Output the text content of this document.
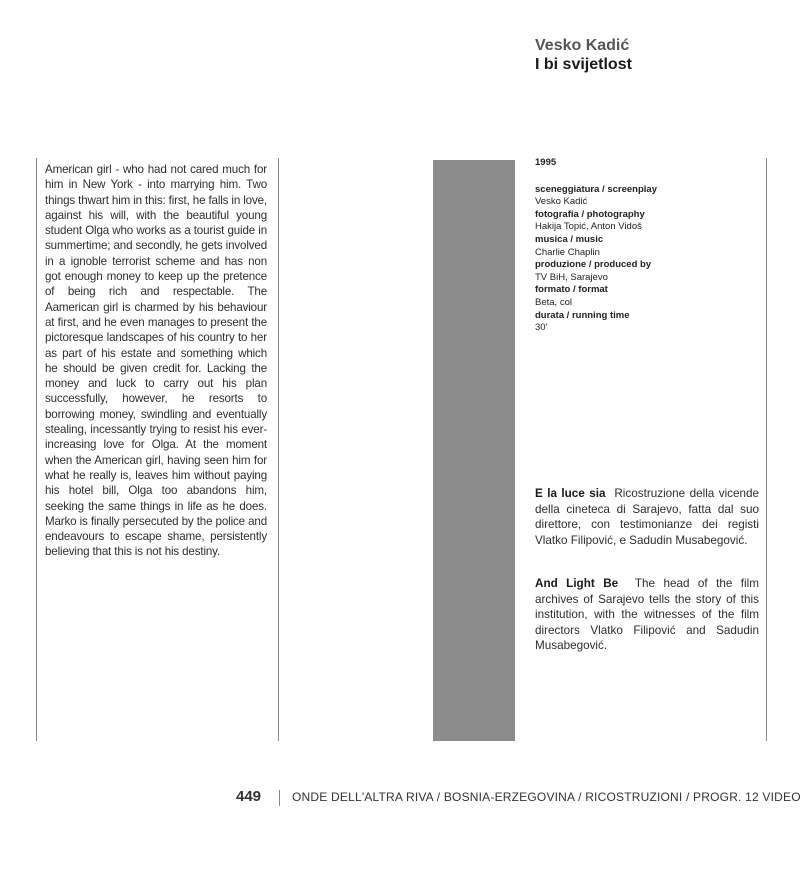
Vesko Kadić
I bi svijetlost
American girl - who had not cared much for him in New York - into marrying him. Two things thwart him in this: first, he falls in love, against his will, with the beautiful young student Olga who works as a tourist guide in summertime; and secondly, he gets involved in a ignoble terrorist scheme and has non got enough money to keep up the pretence of being rich and respectable. The Aamerican girl is charmed by his behaviour at first, and he even manages to present the pictoresque landscapes of his country to her as part of his estate and something which he should be given credit for. Lacking the money and luck to carry out his plan successfully, however, he resorts to borrowing money, swindling and eventually stealing, incessantly trying to resist his ever-increasing love for Olga. At the moment when the American girl, having seen him for what he really is, leaves him without paying his hotel bill, Olga too abandons him, seeking the same things in life as he does. Marko is finally persecuted by the police and endeavours to escape shame, persistently believing that this is not his destiny.
1995
sceneggiatura / screenplay
Vesko Kadić
fotografia / photography
Hakija Topić, Anton Vidoš
musica / music
Charlie Chaplin
produzione / produced by
TV BiH, Sarajevo
formato / format
Beta, col
durata / running time
30'
E la luce sia Ricostruzione della vicende della cineteca di Sarajevo, fatta dal suo direttore, con testimonianze dei registi Vlatko Filipović, e Sadudin Musabegović.
And Light Be The head of the film archives of Sarajevo tells the story of this institution, with the witnesses of the film directors Vlatko Filipović and Sadudin Musabegović.
449	ONDE DELL'ALTRA RIVA / BOSNIA-ERZEGOVINA / RICOSTRUZIONI / PROGR. 12 VIDEO
